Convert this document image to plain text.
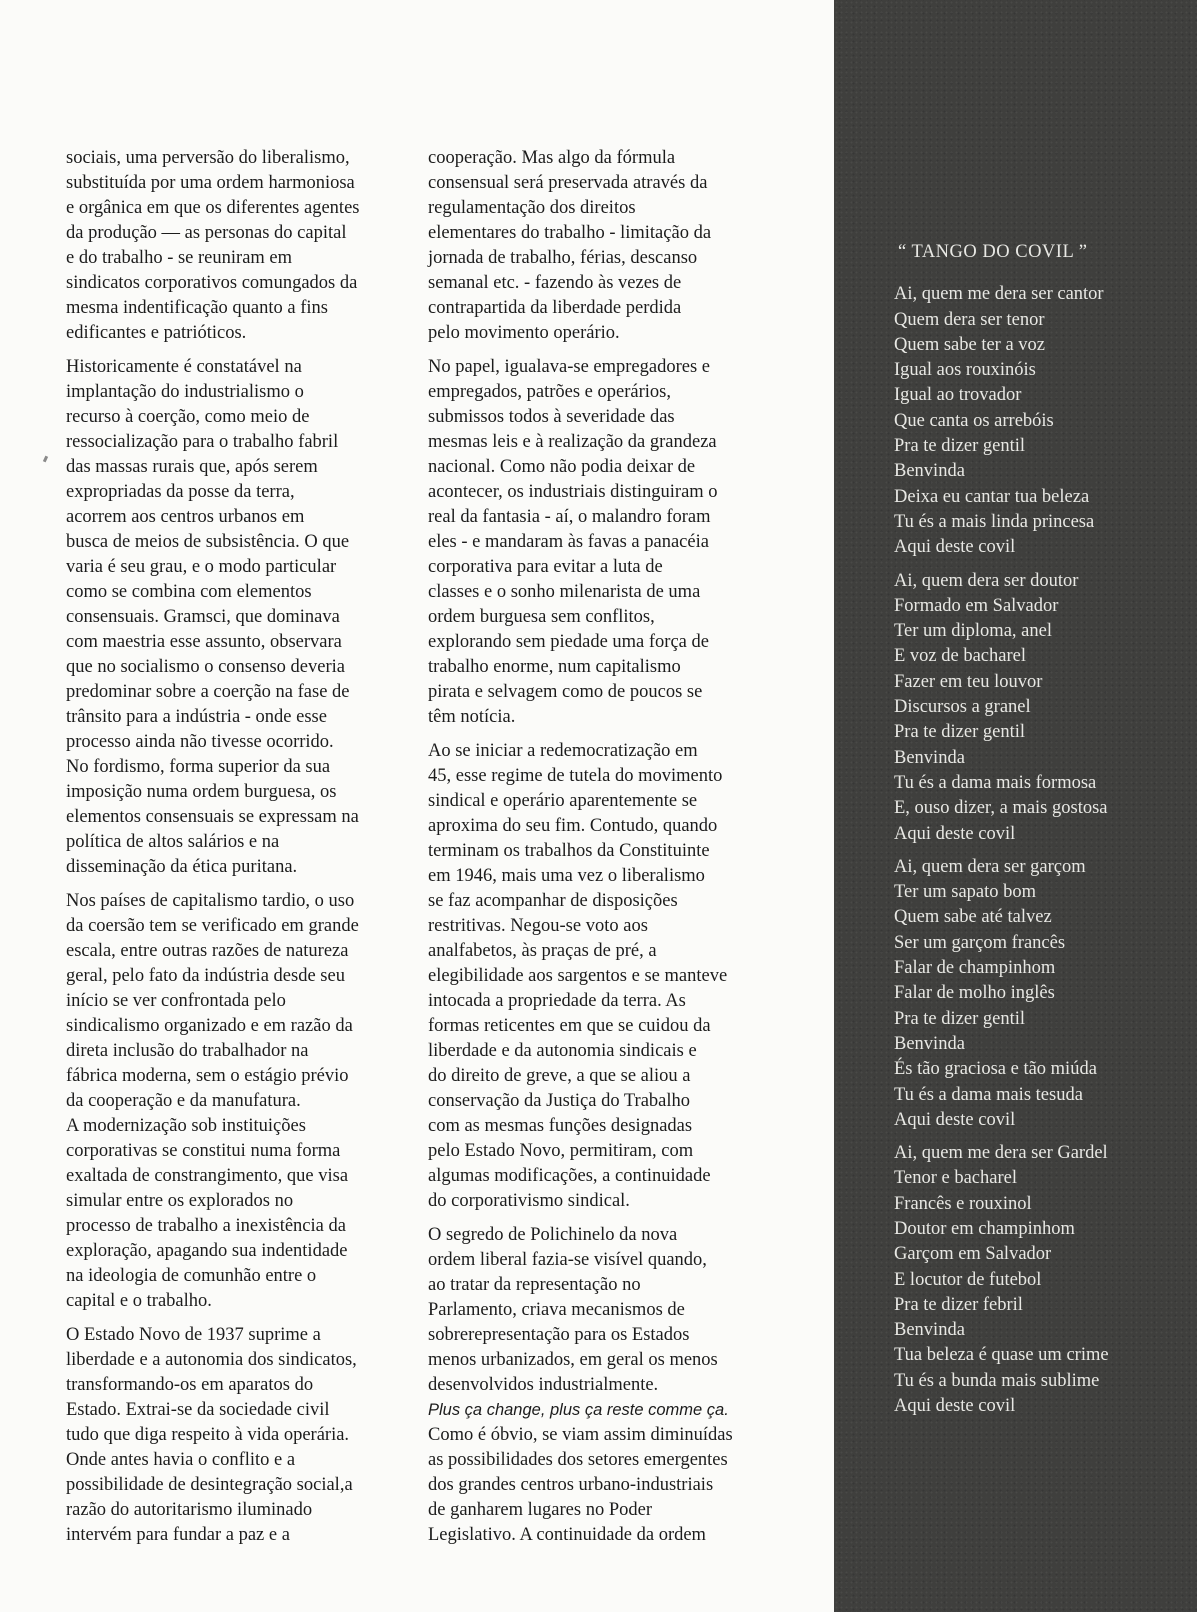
sociais, uma perversão do liberalismo,
substituída por uma ordem harmoniosa
e orgânica em que os diferentes agentes
da produção — as personas do capital
e do trabalho - se reuniram em
sindicatos corporativos comungados da
mesma indentificação quanto a fins
edificantes e patrióticos.

Historicamente é constatável na
implantação do industrialismo o
recurso à coerção, como meio de
ressocialização para o trabalho fabril
das massas rurais que, após serem
expropriadas da posse da terra,
acorrem aos centros urbanos em
busca de meios de subsistência. O que
varia é seu grau, e o modo particular
como se combina com elementos
consensuais. Gramsci, que dominava
com maestria esse assunto, observara
que no socialismo o consenso deveria
predominar sobre a coerção na fase de
trânsito para a indústria - onde esse
processo ainda não tivesse ocorrido.
No fordismo, forma superior da sua
imposição numa ordem burguesa, os
elementos consensuais se expressam na
política de altos salários e na
disseminação da ética puritana.

Nos países de capitalismo tardio, o uso
da coersão tem se verificado em grande
escala, entre outras razões de natureza
geral, pelo fato da indústria desde seu
início se ver confrontada pelo
sindicalismo organizado e em razão da
direta inclusão do trabalhador na
fábrica moderna, sem o estágio prévio
da cooperação e da manufatura.
A modernização sob instituições
corporativas se constitui numa forma
exaltada de constrangimento, que visa
simular entre os explorados no
processo de trabalho a inexistência da
exploração, apagando sua indentidade
na ideologia de comunhão entre o
capital e o trabalho.

O Estado Novo de 1937 suprime a
liberdade e a autonomia dos sindicatos,
transformando-os em aparatos do
Estado. Extrai-se da sociedade civil
tudo que diga respeito à vida operária.
Onde antes havia o conflito e a
possibilidade de desintegração social,a
razão do autoritarismo iluminado
intervém para fundar a paz e a

cooperação. Mas algo da fórmula
consensual será preservada através da
regulamentação dos direitos
elementares do trabalho - limitação da
jornada de trabalho, férias, descanso
semanal etc. - fazendo às vezes de
contrapartida da liberdade perdida
pelo movimento operário.

No papel, igualava-se empregadores e
empregados, patrões e operários,
submissos todos à severidade das
mesmas leis e à realização da grandeza
nacional. Como não podia deixar de
acontecer, os industriais distinguiram o
real da fantasia - aí, o malandro foram
eles - e mandaram às favas a panacéia
corporativa para evitar a luta de
classes e o sonho milenarista de uma
ordem burguesa sem conflitos,
explorando sem piedade uma força de
trabalho enorme, num capitalismo
pirata e selvagem como de poucos se
têm notícia.

Ao se iniciar a redemocratização em
45, esse regime de tutela do movimento
sindical e operário aparentemente se
aproxima do seu fim. Contudo, quando
terminam os trabalhos da Constituinte
em 1946, mais uma vez o liberalismo
se faz acompanhar de disposições
restritivas. Negou-se voto aos
analfabetos, às praças de pré, a
elegibilidade aos sargentos e se manteve
intocada a propriedade da terra. As
formas reticentes em que se cuidou da
liberdade e da autonomia sindicais e
do direito de greve, a que se aliou a
conservação da Justiça do Trabalho
com as mesmas funções designadas
pelo Estado Novo, permitiram, com
algumas modificações, a continuidade
do corporativismo sindical.

O segredo de Polichinelo da nova
ordem liberal fazia-se visível quando,
ao tratar da representação no
Parlamento, criava mecanismos de
sobrerepresentação para os Estados
menos urbanizados, em geral os menos
desenvolvidos industrialmente.
Plus ça change, plus ça reste comme ça.
Como é óbvio, se viam assim diminuídas
as possibilidades dos setores emergentes
dos grandes centros urbano-industriais
de ganharem lugares no Poder
Legislativo. A continuidade da ordem

“ TANGO DO COVIL ”
Ai, quem me dera ser cantor
Quem dera ser tenor
Quem sabe ter a voz
Igual aos rouxinóis
Igual ao trovador
Que canta os arrebóis
Pra te dizer gentil
Benvinda
Deixa eu cantar tua beleza
Tu és a mais linda princesa
Aqui deste covil
Ai, quem dera ser doutor
Formado em Salvador
Ter um diploma, anel
E voz de bacharel
Fazer em teu louvor
Discursos a granel
Pra te dizer gentil
Benvinda
Tu és a dama mais formosa
E, ouso dizer, a mais gostosa
Aqui deste covil
Ai, quem dera ser garçom
Ter um sapato bom
Quem sabe até talvez
Ser um garçom francês
Falar de champinhom
Falar de molho inglês
Pra te dizer gentil
Benvinda
És tão graciosa e tão miúda
Tu és a dama mais tesuda
Aqui deste covil
Ai, quem me dera ser Gardel
Tenor e bacharel
Francês e rouxinol
Doutor em champinhom
Garçom em Salvador
E locutor de futebol
Pra te dizer febril
Benvinda
Tua beleza é quase um crime
Tu és a bunda mais sublime
Aqui deste covil
